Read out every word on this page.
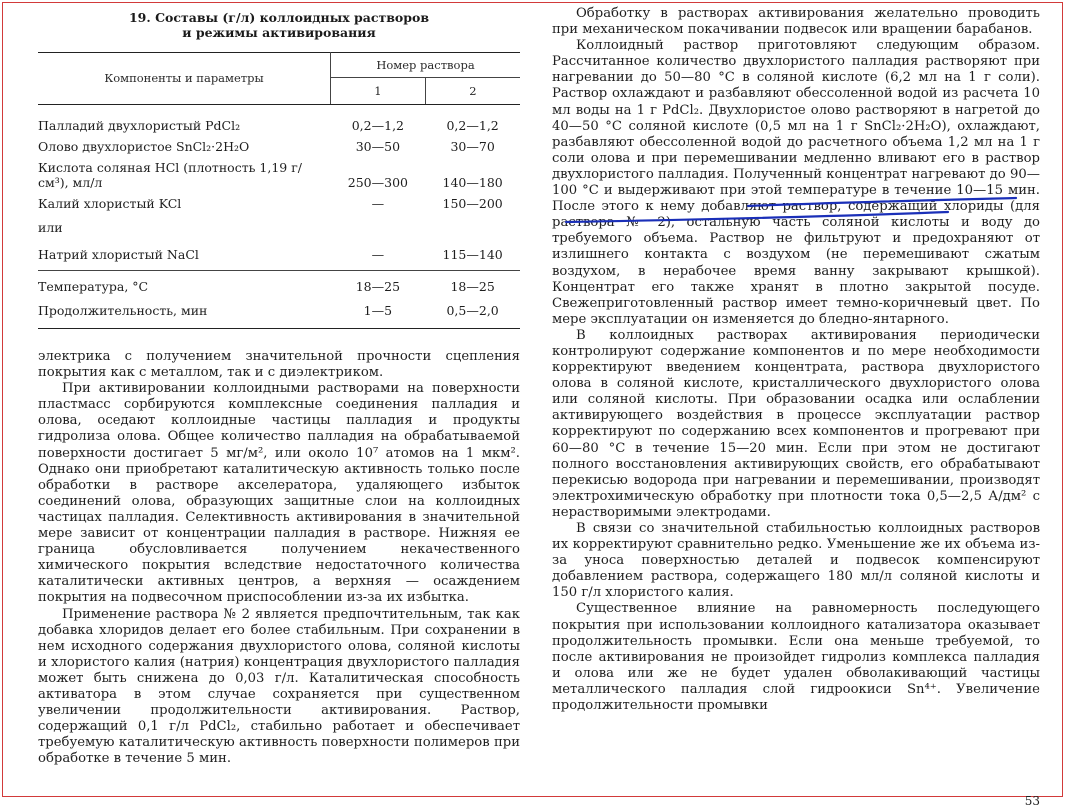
19. Составы (г/л) коллоидных растворов
и режимы активирования
Компоненты и параметры	Номер раствора	
	1	2

Палладий двухлористый PdCl₂	0,2—1,2	0,2—1,2
Олово двухлористое SnCl₂·2H₂O	30—50	30—70
Кислота соляная HCl (плотность 1,19 г/см³), мл/л	250—300	140—180
Калий хлористый KCl	—	150—200
или		
Натрий хлористый NaCl	—	115—140
Температура, °C	18—25	18—25
Продолжительность, мин	1—5	0,5—2,0

электрика с получением значительной прочности сцепления покрытия как с металлом, так и с диэлектриком.

При активировании коллоидными растворами на поверхности пластмасс сорбируются комплексные соединения палладия и олова, оседают коллоидные частицы палладия и продукты гидролиза олова. Общее количество палладия на обрабатываемой поверхности достигает 5 мг/м², или около 10⁷ атомов на 1 мкм². Однако они приобретают каталитическую активность только после обработки в растворе акселератора, удаляющего избыток соединений олова, образующих защитные слои на коллоидных частицах палладия. Селективность активирования в значительной мере зависит от концентрации палладия в растворе. Нижняя ее граница обусловливается получением некачественного химического покрытия вследствие недостаточного количества каталитически активных центров, а верхняя — осаждением покрытия на подвесочном приспособлении из-за их избытка.

Применение раствора № 2 является предпочтительным, так как добавка хлоридов делает его более стабильным. При сохранении в нем исходного содержания двухлористого олова, соляной кислоты и хлористого калия (натрия) концентрация двухлористого палладия может быть снижена до 0,03 г/л. Каталитическая способность активатора в этом случае сохраняется при существенном увеличении продолжительности активирования. Раствор, содержащий 0,1 г/л PdCl₂, стабильно работает и обеспечивает требуемую каталитическую активность поверхности полимеров при обработке в течение 5 мин.

Обработку в растворах активирования желательно проводить при механическом покачивании подвесок или вращении барабанов.

Коллоидный раствор приготовляют следующим образом. Рассчитанное количество двухлористого палладия растворяют при нагревании до 50—80 °C в соляной кислоте (6,2 мл на 1 г соли). Раствор охлаждают и разбавляют обессоленной водой из расчета 10 мл воды на 1 г PdCl₂. Двухлористое олово растворяют в нагретой до 40—50 °C соляной кислоте (0,5 мл на 1 г SnCl₂·2H₂O), охлаждают, разбавляют обессоленной водой до расчетного объема 1,2 мл на 1 г соли олова и при перемешивании медленно вливают его в раствор двухлористого палладия. Полученный концентрат нагревают до 90—100 °C и выдерживают при этой температуре в течение 10—15 мин. После этого к нему добавляют раствор, содержащий хлориды (для раствора № 2), остальную часть соляной кислоты и воду до требуемого объема. Раствор не фильтруют и предохраняют от излишнего контакта с воздухом (не перемешивают сжатым воздухом, в нерабочее время ванну закрывают крышкой). Концентрат его также хранят в плотно закрытой посуде. Свежеприготовленный раствор имеет темно-коричневый цвет. По мере эксплуатации он изменяется до бледно-янтарного.

В коллоидных растворах активирования периодически контролируют содержание компонентов и по мере необходимости корректируют введением концентрата, раствора двухлористого олова в соляной кислоте, кристаллического двухлористого олова или соляной кислоты. При образовании осадка или ослаблении активирующего воздействия в процессе эксплуатации раствор корректируют по содержанию всех компонентов и прогревают при 60—80 °C в течение 15—20 мин. Если при этом не достигают полного восстановления активирующих свойств, его обрабатывают перекисью водорода при нагревании и перемешивании, производят электрохимическую обработку при плотности тока 0,5—2,5 А/дм² с нерастворимыми электродами.

В связи со значительной стабильностью коллоидных растворов их корректируют сравнительно редко. Уменьшение же их объема из-за уноса поверхностью деталей и подвесок компенсируют добавлением раствора, содержащего 180 мл/л соляной кислоты и 150 г/л хлористого калия.

Существенное влияние на равномерность последующего покрытия при использовании коллоидного катализатора оказывает продолжительность промывки. Если она меньше требуемой, то после активирования не произойдет гидролиз комплекса палладия и олова или же не будет удален обволакивающий частицы металлического палладия слой гидроокиси Sn⁴⁺. Увеличение продолжительности промывки

53
